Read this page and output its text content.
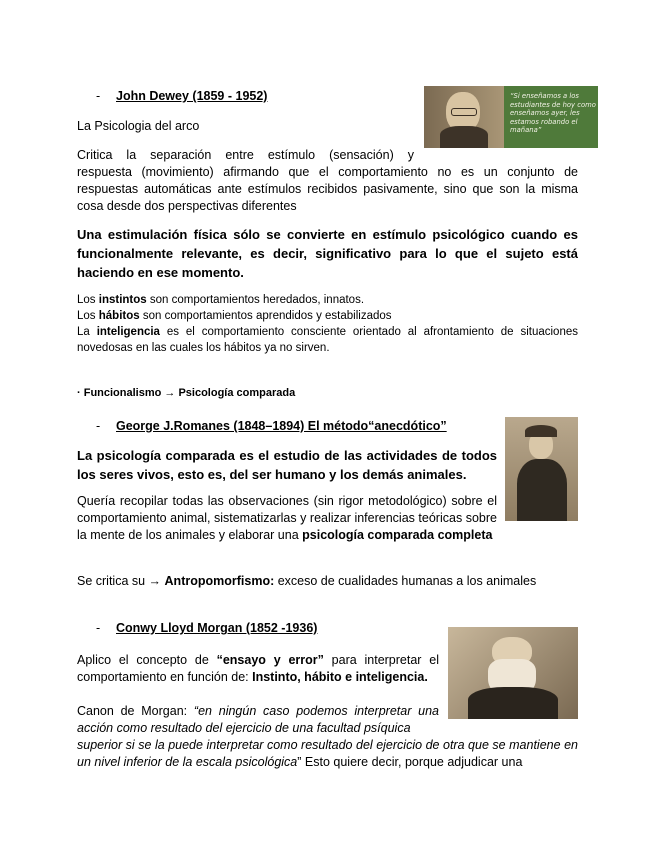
- John Dewey (1859 - 1952)	“Si enseñamos a los estudiantes de hoy como enseñamos ayer, les estamos robando el mañana”
La Psicologia del arco
Critica la separación entre estímulo (sensación) y
respuesta (movimiento) afirmando que el comportamiento no es un conjunto de respuestas automáticas ante estímulos recibidos pasivamente, sino que son la misma cosa desde dos perspectivas diferentes
Una estimulación física sólo se convierte en estímulo psicológico cuando es funcionalmente relevante, es decir, significativo para lo que el sujeto está haciendo en ese momento.
Los instintos son comportamientos heredados, innatos.
Los hábitos son comportamientos aprendidos y estabilizados
La inteligencia es el comportamiento consciente orientado al afrontamiento de situaciones novedosas en las cuales los hábitos ya no sirven.
· Funcionalismo → Psicología comparada
- George J.Romanes (1848–1894) El método“anecdótico”
La psicología comparada es el estudio de las actividades de todos los seres vivos, esto es, del ser humano y los demás animales.
Quería recopilar todas las observaciones (sin rigor metodológico) sobre el comportamiento animal, sistematizarlas y realizar inferencias teóricas sobre la mente de los animales y elaborar una psicología comparada completa
Se critica su → Antropomorfismo: exceso de cualidades humanas a los animales
- Conwy Lloyd Morgan (1852 -1936)
Aplico el concepto de “ensayo y error” para interpretar el comportamiento en función de: Instinto, hábito e inteligencia.
Canon de Morgan: “en ningún caso podemos interpretar una acción como resultado del ejercicio de una facultad psíquica
superior si se la puede interpretar como resultado del ejercicio de otra que se mantiene en un nivel inferior de la escala psicológica” Esto quiere decir, porque adjudicar una
